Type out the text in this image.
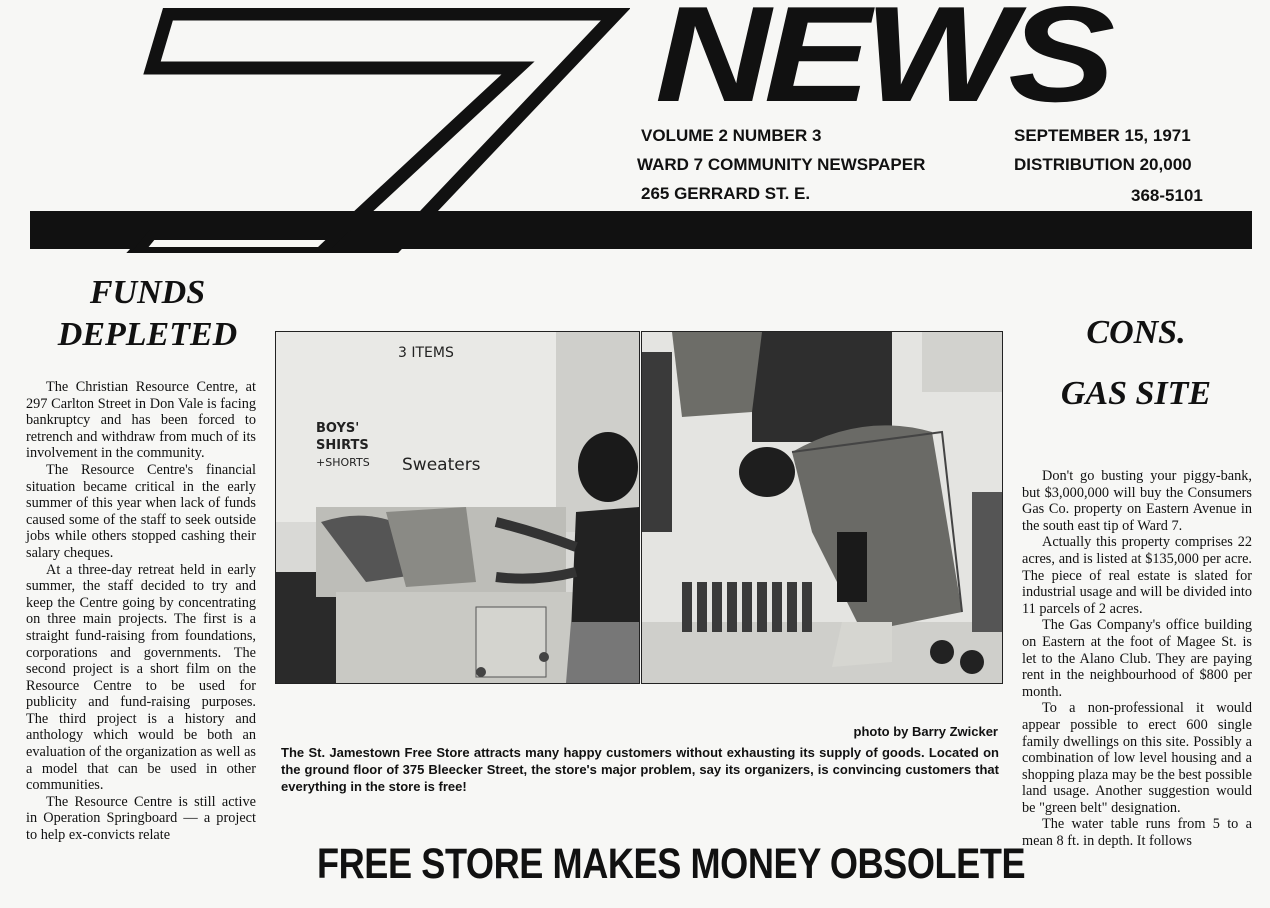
NEWS
VOLUME 2 NUMBER 3	SEPTEMBER 15, 1971
WARD 7 COMMUNITY NEWSPAPER	DISTRIBUTION 20,000
265 GERRARD ST. E.	368-5101
FUNDS
DEPLETED

The Christian Resource Centre, at 297 Carlton Street in Don Vale is facing bankruptcy and has been forced to retrench and withdraw from much of its involvement in the community.

The Resource Centre's financial situation became critical in the early summer of this year when lack of funds caused some of the staff to seek outside jobs while others stopped cashing their salary cheques.

At a three-day retreat held in early summer, the staff decided to try and keep the Centre going by concentrating on three main projects. The first is a straight fund-raising from foundations, corporations and governments. The second project is a short film on the Resource Centre to be used for publicity and fund-raising purposes. The third project is a history and anthology which would be both an evaluation of the organization as well as a model that can be used in other communities.

The Resource Centre is still active in Operation Springboard — a project to help ex-convicts relate

3 ITEMS
BOYS'
SHIRTS
+SHORTS Sweaters
photo by Barry Zwicker
The St. Jamestown Free Store attracts many happy customers without exhausting its supply of goods. Located on the ground floor of 375 Bleecker Street, the store's major problem, say its organizers, is convincing customers that everything in the store is free!
FREE STORE MAKES MONEY OBSOLETE
CONS.
GAS SITE

Don't go busting your piggy-bank, but $3,000,000 will buy the Consumers Gas Co. property on Eastern Avenue in the south east tip of Ward 7.

Actually this property comprises 22 acres, and is listed at $135,000 per acre. The piece of real estate is slated for industrial usage and will be divided into 11 parcels of 2 acres.

The Gas Company's office building on Eastern at the foot of Magee St. is let to the Alano Club. They are paying rent in the neighbourhood of $800 per month.

To a non-professional it would appear possible to erect 600 single family dwellings on this site. Possibly a combination of low level housing and a shopping plaza may be the best possible land usage. Another suggestion would be "green belt" designation.

The water table runs from 5 to a mean 8 ft. in depth. It follows
